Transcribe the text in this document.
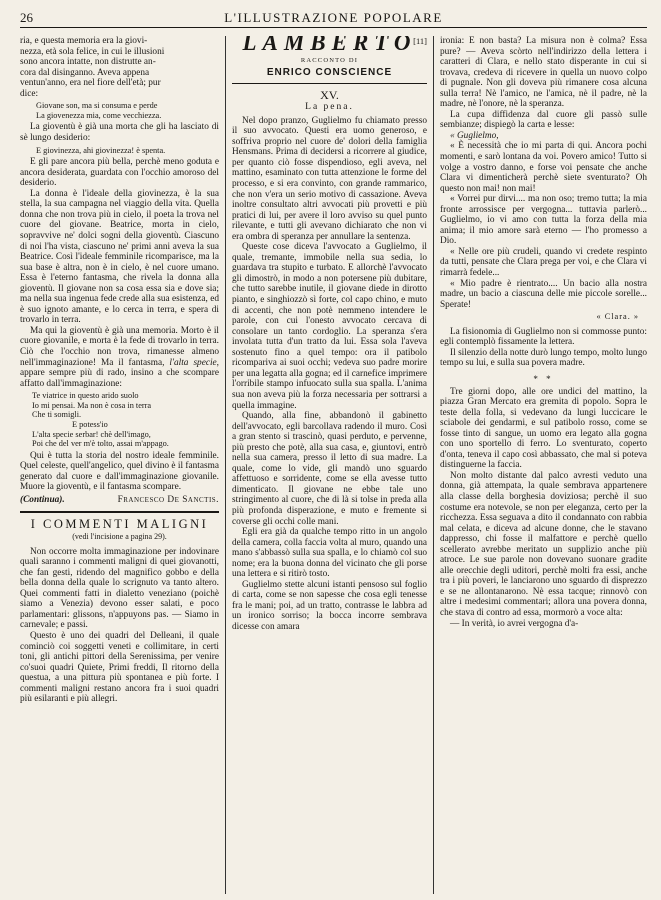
26	L'ILLUSTRAZIONE POPOLARE
ria, e questa memoria era la giovi-
nezza, età sola felice, in cui le illusioni
sono ancora intatte, non distrutte an-
cora dal disinganno. Aveva appena
ventun'anno, era nel fiore dell'età; pur
dice:
Giovane son, ma si consuma e perde
La giovenezza mia, come vecchiezza.

La gioventù è già una morta che gli ha lasciato di sè lungo desiderio:

E giovinezza, ahi giovinezza! è spenta.

E gli pare ancora più bella, perchè meno goduta e ancora desiderata, guardata con l'occhio amoroso del desiderio.

La donna è l'ideale della giovinezza, è la sua stella, la sua campagna nel viaggio della vita. Quella donna che non trova più in cielo, il poeta la trova nel cuore del giovane. Beatrice, morta in cielo, sopravvive ne' dolci sogni della gioventù. Ciascuno di noi l'ha vista, ciascuno ne' primi anni aveva la sua Beatrice. Così l'ideale femminile ricomparisce, ma la sua base è altra, non è in cielo, è nel cuore umano. Essa è l'eterno fantasma, che rivela la donna alla gioventù. Il giovane non sa cosa essa sia e dove sia; ma nella sua ingenua fede crede alla sua esistenza, ed è suo ignoto amante, e lo cerca in terra, e spera di trovarlo in terra.

Ma qui la gioventù è già una memoria. Morto è il cuore giovanile, e morta è la fede di trovarlo in terra. Ciò che l'occhio non trova, rimanesse almeno nell'immaginazione! Ma il fantasma, l'alta specie, appare sempre più di rado, insino a che scompare affatto dall'immaginazione:

Te viatrice in questo arido suolo
Io mi pensai. Ma non è cosa in terra
Che ti somigli.
E potess'io
L'alta specie serbar! chè dell'imago,
Poi che del ver m'è tolto, assai m'appago.

Qui è tutta la storia del nostro ideale femminile. Quel celeste, quell'angelico, quel divino è il fantasma generato dal cuore e dall'immaginazione giovanile. Muore la gioventù, e il fantasma scompare.

(Continua).	Francesco De Sanctis.
I COMMENTI MALIGNI
(vedi l'incisione a pagina 29).

Non occorre molta immaginazione per indovinare quali saranno i commenti maligni di quei giovanotti, che fan gesti, ridendo del magnifico gobbo e della bella donna della quale lo scrignuto va tanto altero. Quei commenti fatti in dialetto veneziano (poichè siamo a Venezia) devono esser salati, e poco parlamentari: glissons, n'appuyons pas. — Siamo in carnevale; e passi.

Questo è uno dei quadri del Delleani, il quale cominciò coi soggetti veneti e collimitare, in certi toni, gli antichi pittori della Serenissima, per venire co'suoi quadri Quiete, Primi freddi, Il ritorno della questua, a una pittura più spontanea e più forte. I commenti maligni restano ancora fra i suoi quadri più esilaranti e più allegri.

LAMBERTO
[11]
RACCONTO DI
ENRICO CONSCIENCE
XV.
La pena.

Nel dopo pranzo, Guglielmo fu chiamato presso il suo avvocato. Questi era uomo generoso, e soffriva proprio nel cuore de' dolori della famiglia Hensmans. Prima di decidersi a ricorrere al giudice, per quanto ciò fosse dispendioso, egli aveva, nel mattino, esaminato con tutta attenzione le forme del processo, e si era convinto, con grande rammarico, che non v'era un serio motivo di cassazione. Aveva inoltre consultato altri avvocati più provetti e più pratici di lui, per avere il loro avviso su quel punto rilevante, e tutti gli avevano dichiarato che non vi era ombra di speranza per annullare la sentenza.

Queste cose diceva l'avvocato a Guglielmo, il quale, tremante, immobile nella sua sedia, lo guardava tra stupito e turbato. E allorchè l'avvocato gli dimostrò, in modo a non potersene più dubitare, che tutto sarebbe inutile, il giovane diede in dirotto pianto, e singhiozzò sì forte, col capo chino, e muto di accenti, che non potè nemmeno intendere le parole, con cui l'onesto avvocato cercava di consolare un tanto cordoglio. La speranza s'era involata tutta d'un tratto da lui. Essa sola l'aveva sostenuto fino a quel tempo: ora il patibolo ricompariva ai suoi occhi; vedeva suo padre morire per una legatta alla gogna; ed il carnefice imprimere l'orribile stampo infuocato sulla sua spalla. L'anima sua non aveva più la forza necessaria per sottrarsi a quella immagine.

Quando, alla fine, abbandonò il gabinetto dell'avvocato, egli barcollava radendo il muro. Così a gran stento si trascinò, quasi perduto, e pervenne, più presto che potè, alla sua casa, e, giuntovi, entrò nella sua camera, presso il letto di sua madre. La quale, come lo vide, gli mandò uno sguardo affettuoso e sorridente, come se ella avesse tutto dimenticato. Il giovane ne ebbe tale uno stringimento al cuore, che di là si tolse in preda alla più profonda disperazione, e muto e fremente si coverse gli occhi colle mani.

Egli era già da qualche tempo ritto in un angolo della camera, colla faccia volta al muro, quando una mano s'abbassò sulla sua spalla, e lo chiamò col suo nome; era la buona donna del vicinato che gli porse una lettera e si ritirò tosto.

Guglielmo stette alcuni istanti pensoso sul foglio di carta, come se non sapesse che cosa egli tenesse fra le mani; poi, ad un tratto, contrasse le labbra ad un ironico sorriso; la bocca incorre sembrava dicesse con amara

ironia: E non basta? La misura non è colma? Essa pure? — Aveva scòrto nell'indirizzo della lettera i caratteri di Clara, e nello stato disperante in cui si trovava, credeva di ricevere in quella un nuovo colpo di pugnale. Non gli doveva più rimanere cosa alcuna sulla terra! Nè l'amico, ne l'amica, nè il padre, nè la madre, nè l'onore, nè la speranza.

La cupa diffidenza dal cuore gli passò sulle sembianze; dispiegò la carta e lesse:

« Guglielmo,

« È necessità che io mi parta di qui. Ancora pochi momenti, e sarò lontana da voi. Povero amico! Tutto si volge a vostro danno, e forse voi pensate che anche Clara vi dimenticherà perchè siete sventurato? Oh questo non mai! non mai!

« Vorrei pur dirvi.... ma non oso; tremo tutta; la mia fronte arrossisce per vergogna... tuttavia parlerò... Guglielmo, io vi amo con tutta la forza della mia anima; il mio amore sarà eterno — l'ho promesso a Dio.

« Nelle ore più crudeli, quando vi credete respinto da tutti, pensate che Clara prega per voi, e che Clara vi rimarrà fedele...

« Mio padre è rientrato.... Un bacio alla nostra madre, un bacio a ciascuna delle mie piccole sorelle... Sperate!

« Clara. »

La fisionomia di Guglielmo non si commosse punto: egli contemplò fissamente la lettera.

Il silenzio della notte durò lungo tempo, molto lungo tempo su lui, e sulla sua povera madre.

* *

Tre giorni dopo, alle ore undici del mattino, la piazza Gran Mercato era gremita di popolo. Sopra le teste della folla, si vedevano da lungi luccicare le sciabole dei gendarmi, e sul patibolo rosso, come se fosse tinto di sangue, un uomo era legato alla gogna con uno sportello di ferro. Lo sventurato, coperto d'onta, teneva il capo così abbassato, che mal si poteva distinguerne la faccia.

Non molto distante dal palco avresti veduto una donna, già attempata, la quale sembrava appartenere alla classe della borghesia doviziosa; perchè il suo costume era notevole, se non per eleganza, certo per la ricchezza. Essa seguava a dito il condannato con rabbia mal celata, e diceva ad alcune donne, che le stavano dappresso, chi fosse il malfattore e perchè quello scellerato avrebbe meritato un supplizio anche più atroce. Le sue parole non dovevano suonare gradite alle orecchie degli uditori, perchè molti fra essi, anche tra i più poveri, le lanciarono uno sguardo di disprezzo e se ne allontanarono. Nè essa tacque; rinnovò con altre i medesimi commentari; allora una povera donna, che stava di contro ad essa, mormorò a voce alta:

— In verità, io avrei vergogna d'a-
